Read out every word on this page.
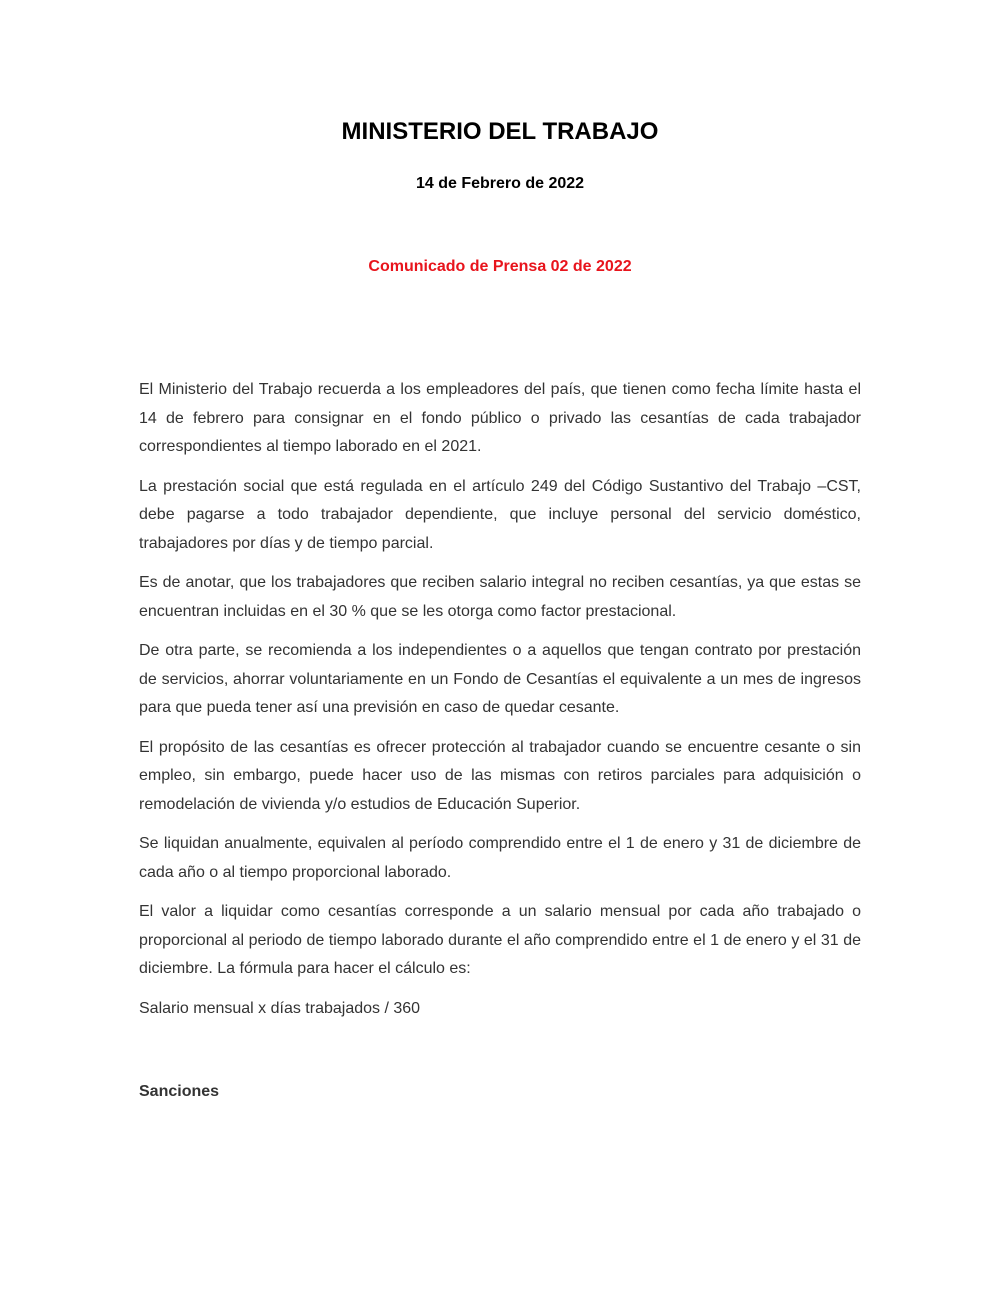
MINISTERIO DEL TRABAJO

14 de Febrero de 2022

Comunicado de Prensa 02 de 2022

El Ministerio del Trabajo recuerda a los empleadores del país, que tienen como fecha límite hasta el 14 de febrero para consignar en el fondo público o privado las cesantías de cada trabajador correspondientes al tiempo laborado en el 2021.

La prestación social que está regulada en el artículo 249 del Código Sustantivo del Trabajo –CST, debe pagarse a todo trabajador dependiente, que incluye personal del servicio doméstico, trabajadores por días y de tiempo parcial.

Es de anotar, que los trabajadores que reciben salario integral no reciben cesantías, ya que estas se encuentran incluidas en el 30 % que se les otorga como factor prestacional.

De otra parte, se recomienda a los independientes o a aquellos que tengan contrato por prestación de servicios, ahorrar voluntariamente en un Fondo de Cesantías el equivalente a un mes de ingresos para que pueda tener así una previsión en caso de quedar cesante.

El propósito de las cesantías es ofrecer protección al trabajador cuando se encuentre cesante o sin empleo, sin embargo, puede hacer uso de las mismas con retiros parciales para adquisición o remodelación de vivienda y/o estudios de Educación Superior.

Se liquidan anualmente, equivalen al período comprendido entre el 1 de enero y 31 de diciembre de cada año o al tiempo proporcional laborado.

El valor a liquidar como cesantías corresponde a un salario mensual por cada año trabajado o proporcional al periodo de tiempo laborado durante el año comprendido entre el 1 de enero y el 31 de diciembre. La fórmula para hacer el cálculo es:

Salario mensual x días trabajados / 360

Sanciones
